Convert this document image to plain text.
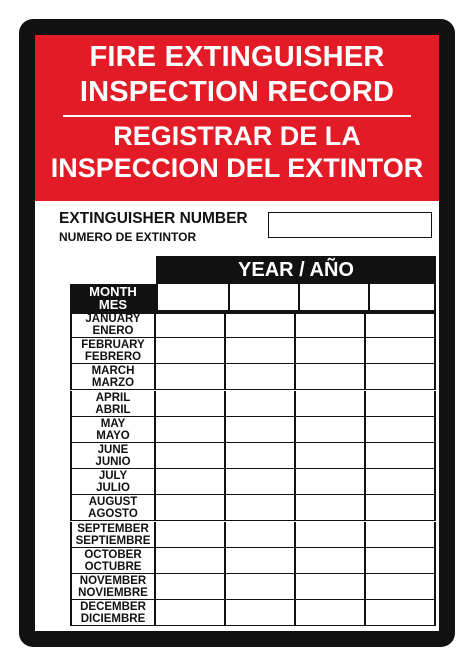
FIRE EXTINGUISHER
INSPECTION RECORD
REGISTRAR DE LA
INSPECCION DEL EXTINTOR
EXTINGUISHER NUMBER
NUMERO DE EXTINTOR
YEAR / AÑO
MONTH
MES
JANUARY
ENERO
FEBRUARY
FEBRERO
MARCH
MARZO
APRIL
ABRIL
MAY
MAYO
JUNE
JUNIO
JULY
JULIO
AUGUST
AGOSTO
SEPTEMBER
SEPTIEMBRE
OCTOBER
OCTUBRE
NOVEMBER
NOVIEMBRE
DECEMBER
DICIEMBRE
CREATIVE creativesafetysupply.com 866-777-1360 # WS27258-24
